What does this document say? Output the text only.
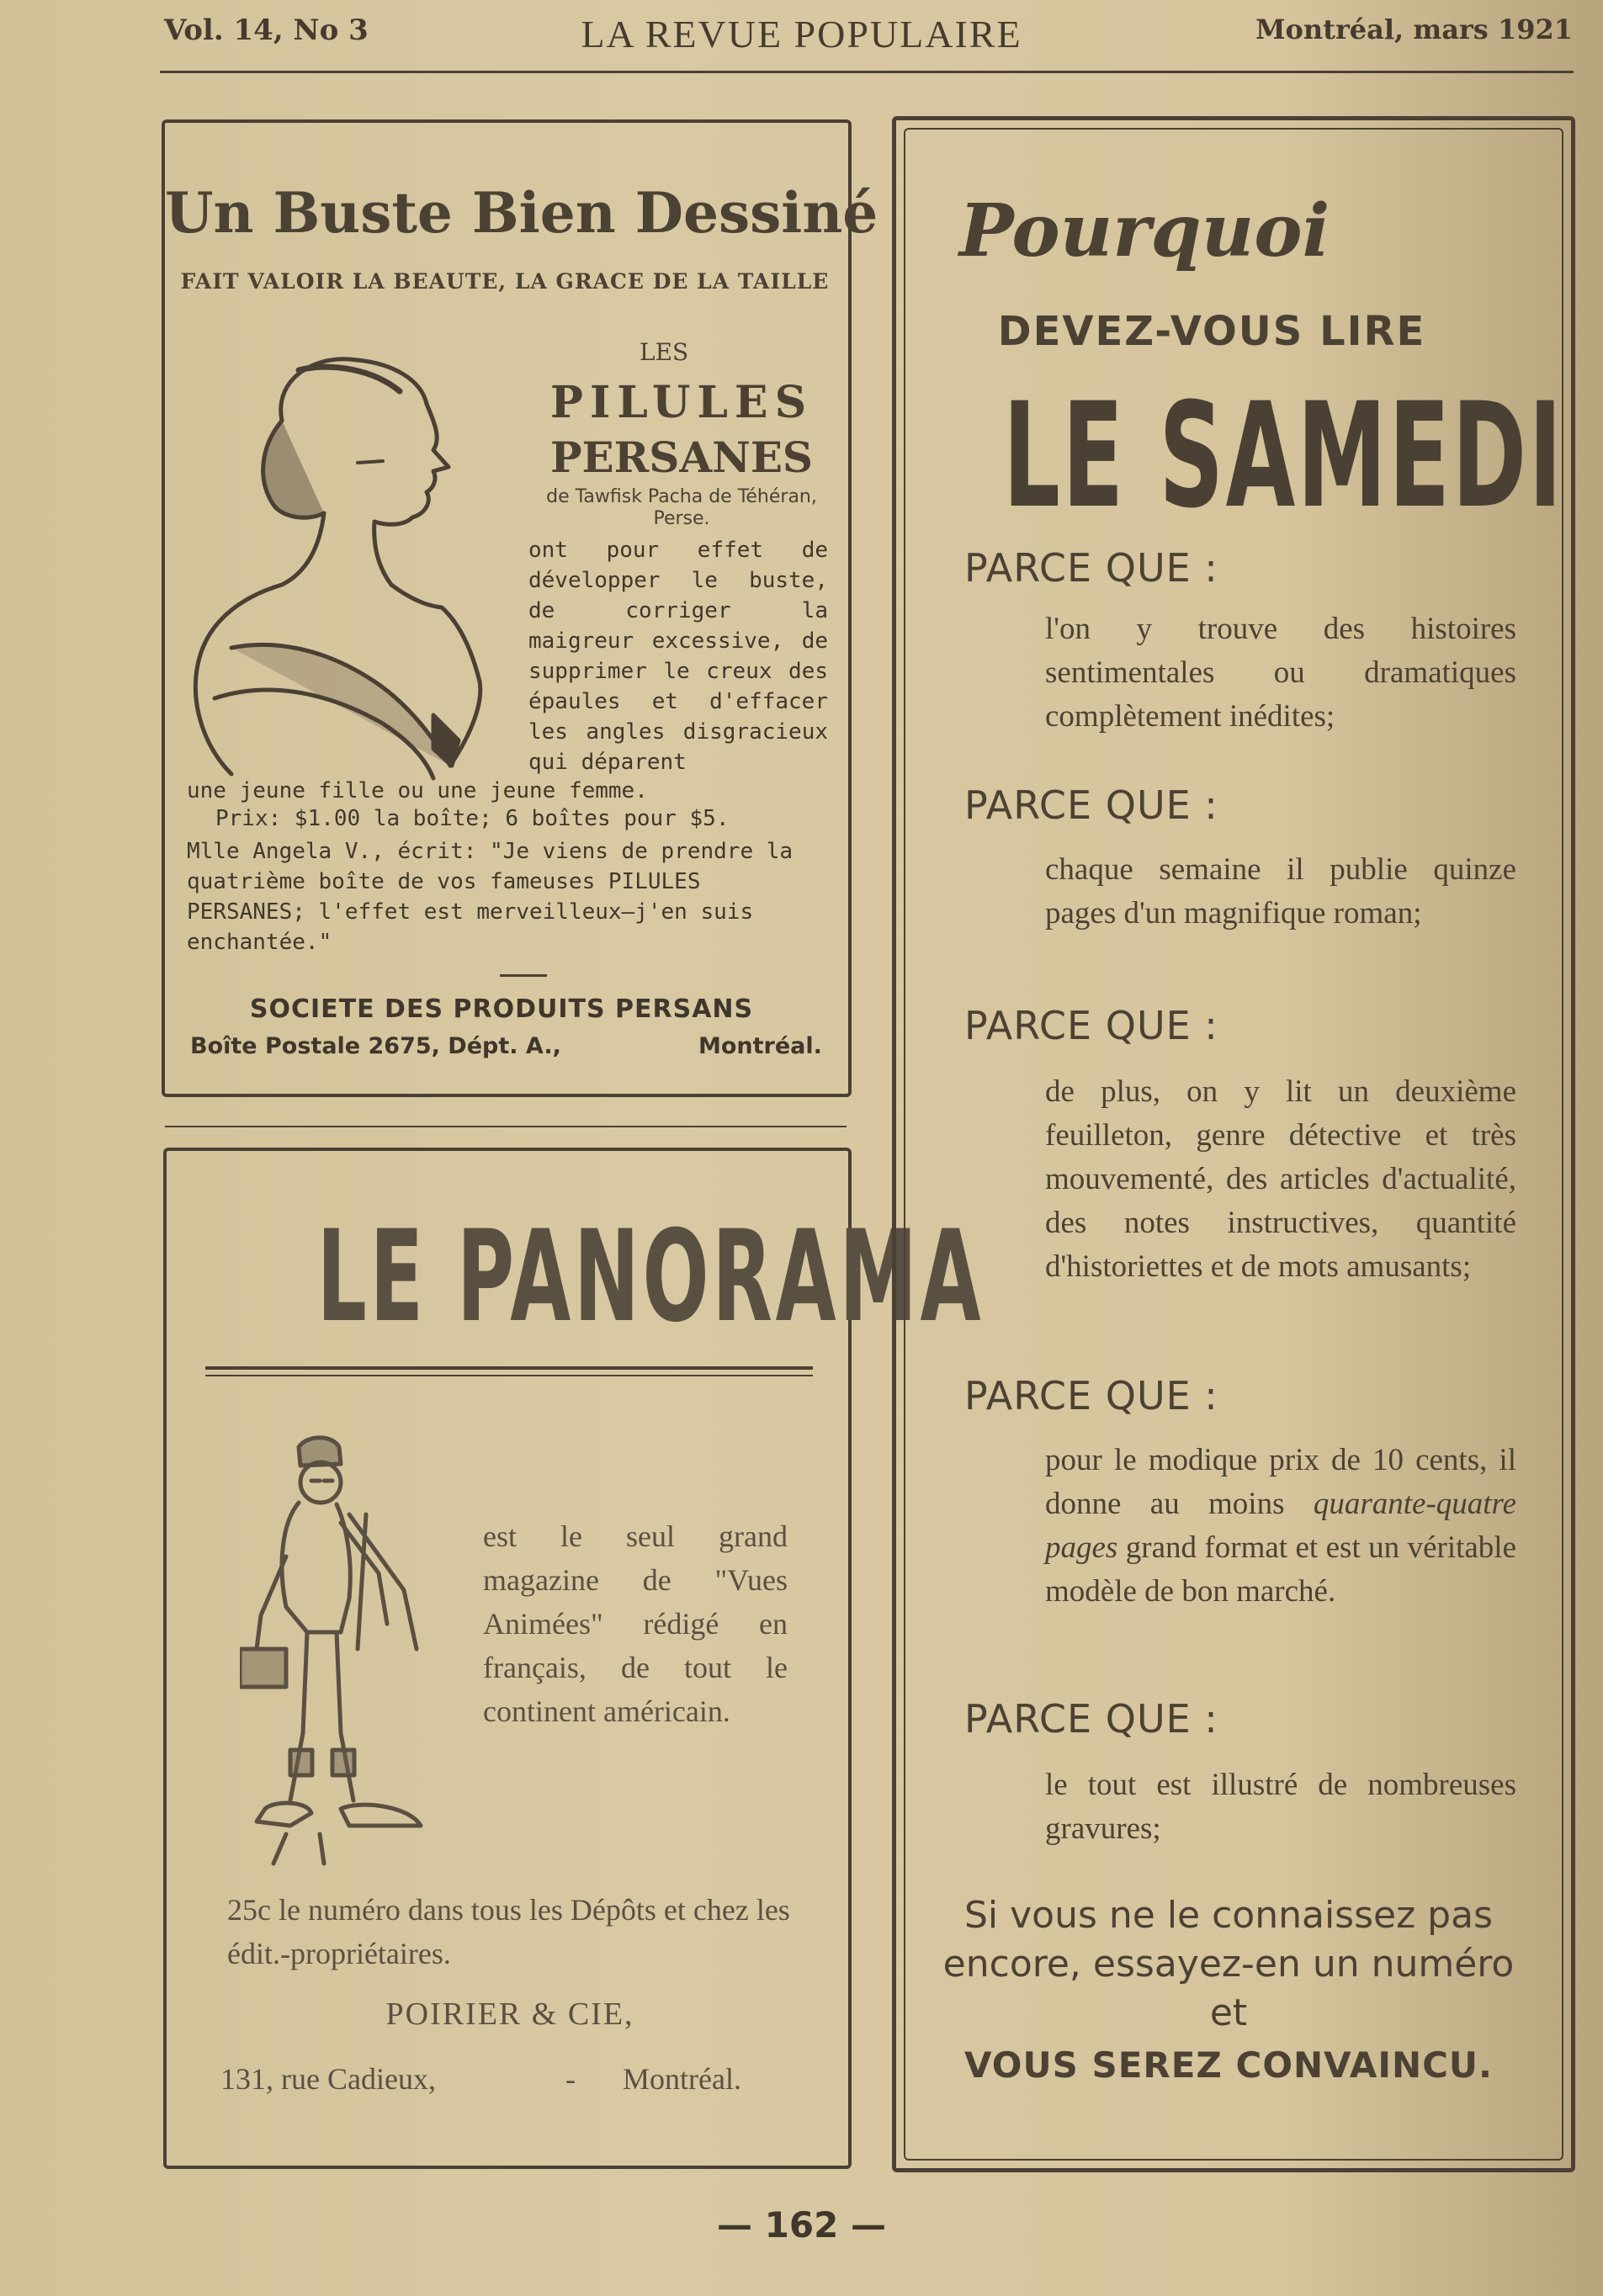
Vol. 14, No 3	LA REVUE POPULAIRE	Montréal, mars 1921
Un Buste Bien Dessiné
FAIT VALOIR LA BEAUTE, LA GRACE DE LA TAILLE
LES
PILULES
PERSANES
de Tawfisk Pacha de Téhéran, Perse.
ont pour effet de développer le buste, de corriger la maigreur excessive, de supprimer le creux des épaules et d'effacer les angles disgracieux qui déparent
une jeune fille ou une jeune femme.
Prix: $1.00 la boîte; 6 boîtes pour $5.
Mlle Angela V., écrit: "Je viens de prendre la quatrième boîte de vos fameuses PILULES PERSANES; l'effet est merveilleux—j'en suis enchantée."
SOCIETE DES PRODUITS PERSANS
Boîte Postale 2675, Dépt. A.,	Montréal.
LE PANORAMA
est le seul grand magazine de "Vues Animées" rédigé en français, de tout le continent américain.
25c le numéro dans tous les Dépôts et chez les édit.-propriétaires.
POIRIER & CIE,
131, rue Cadieux,	- Montréal.
Pourquoi
DEVEZ-VOUS LIRE
LE SAMEDI
PARCE QUE :
l'on y trouve des histoires sentimentales ou dramatiques complètement inédites;
PARCE QUE :
chaque semaine il publie quinze pages d'un magnifique roman;
PARCE QUE :
de plus, on y lit un deuxième feuilleton, genre détective et très mouvementé, des articles d'actualité, des notes instructives, quantité d'historiettes et de mots amusants;
PARCE QUE :
pour le modique prix de 10 cents, il donne au moins quarante-quatre pages grand format et est un véritable modèle de bon marché.
PARCE QUE :
le tout est illustré de nombreuses gravures;
Si vous ne le connaissez pas encore, essayez-en un numéro et
VOUS SEREZ CONVAINCU.
— 162 —
